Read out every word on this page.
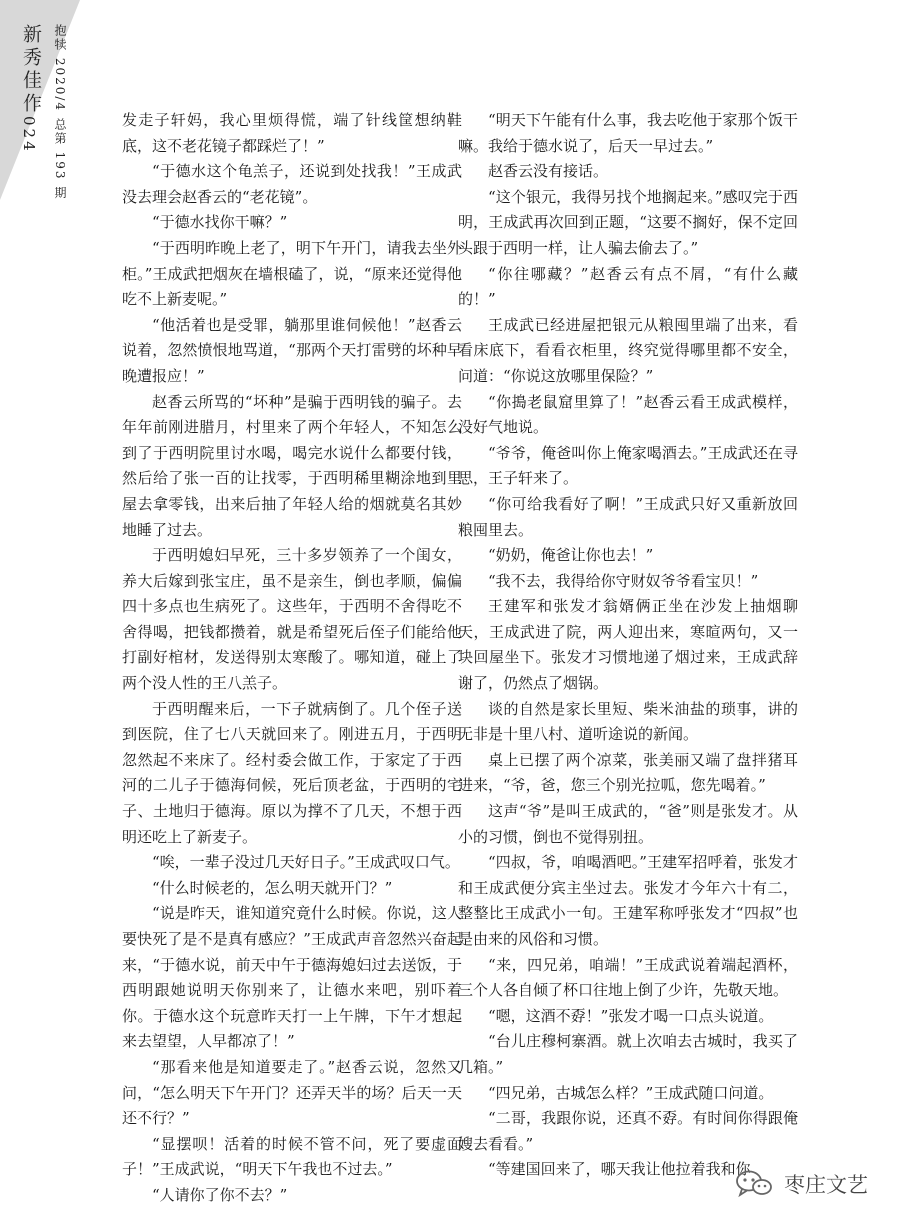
新秀佳作
024 抱犊 2020/4 总第 193 期	发走子轩妈，我心里烦得慌，端了针线筐想纳鞋底，这不老花镜子都踩烂了！”

“于德水这个龟羔子，还说到处找我！”王成武没去理会赵香云的“老花镜”。

“于德水找你干嘛？”

“于西明昨晚上老了，明下午开门，请我去坐外柜。”王成武把烟灰在墙根磕了，说，“原来还觉得他吃不上新麦呢。”

“他活着也是受罪，躺那里谁伺候他！”赵香云说着，忽然愤恨地骂道，“那两个天打雷劈的坏种早晚遭报应！”

赵香云所骂的“坏种”是骗于西明钱的骗子。去年年前刚进腊月，村里来了两个年轻人，不知怎么到了于西明院里讨水喝，喝完水说什么都要付钱，然后给了张一百的让找零，于西明稀里糊涂地到里屋去拿零钱，出来后抽了年轻人给的烟就莫名其妙地睡了过去。

于西明媳妇早死，三十多岁领养了一个闺女，养大后嫁到张宝庄，虽不是亲生，倒也孝顺，偏偏四十多点也生病死了。这些年，于西明不舍得吃不舍得喝，把钱都攒着，就是希望死后侄子们能给他打副好棺材，发送得别太寒酸了。哪知道，碰上了两个没人性的王八羔子。

于西明醒来后，一下子就病倒了。几个侄子送到医院，住了七八天就回来了。刚进五月，于西明忽然起不来床了。经村委会做工作，于家定了于西河的二儿子于德海伺候，死后顶老盆，于西明的宅子、土地归于德海。原以为撑不了几天，不想于西明还吃上了新麦子。

“唉，一辈子没过几天好日子。”王成武叹口气。

“什么时候老的，怎么明天就开门？”

“说是昨天，谁知道究竟什么时候。你说，这人要快死了是不是真有感应？”王成武声音忽然兴奋起来，“于德水说，前天中午于德海媳妇过去送饭，于西明跟她说明天你别来了，让德水来吧，别吓着你。于德水这个玩意昨天打一上午牌，下午才想起来去望望，人早都凉了！”

“那看来他是知道要走了。”赵香云说，忽然又问，“怎么明天下午开门？还弄天半的场？后天一天还不行？”

“显摆呗！活着的时候不管不问，死了要虚面子！”王成武说，“明天下午我也不过去。”

“人请你了你不去？”

“明天下午能有什么事，我去吃他于家那个饭干嘛。我给于德水说了，后天一早过去。”

赵香云没有接话。

“这个银元，我得另找个地搁起来。”感叹完于西明，王成武再次回到正题，“这要不搁好，保不定回头跟于西明一样，让人骗去偷去了。”

“你往哪藏？”赵香云有点不屑，“有什么藏的！”

王成武已经进屋把银元从粮囤里端了出来，看看床底下，看看衣柜里，终究觉得哪里都不安全，问道：“你说这放哪里保险？”

“你搗老鼠窟里算了！”赵香云看王成武模样，没好气地说。

“爷爷，俺爸叫你上俺家喝酒去。”王成武还在寻思，王子轩来了。

“你可给我看好了啊！”王成武只好又重新放回粮囤里去。

“奶奶，俺爸让你也去！”

“我不去，我得给你守财奴爷爷看宝贝！”

王建军和张发才翁婿俩正坐在沙发上抽烟聊天，王成武进了院，两人迎出来，寒暄两句，又一块回屋坐下。张发才习惯地递了烟过来，王成武辞谢了，仍然点了烟锅。

谈的自然是家长里短、柴米油盐的琐事，讲的无非是十里八村、道听途说的新闻。

桌上已摆了两个凉菜，张美丽又端了盘拌猪耳进来，“爷，爸，您三个别光拉呱，您先喝着。”

这声“爷”是叫王成武的，“爸”则是张发才。从小的习惯，倒也不觉得别扭。

“四叔，爷，咱喝酒吧。”王建军招呼着，张发才和王成武便分宾主坐过去。张发才今年六十有二，整整比王成武小一旬。王建军称呼张发才“四叔”也是由来的风俗和习惯。

“来，四兄弟，咱端！”王成武说着端起酒杯，三个人各自倾了杯口往地上倒了少许，先敬天地。

“嗯，这酒不孬！”张发才喝一口点头说道。

“台儿庄穆柯寨酒。就上次咱去古城时，我买了几箱。”

“四兄弟，古城怎么样？”王成武随口问道。

“二哥，我跟你说，还真不孬。有时间你得跟俺嫂去看看。”

“等建国回来了，哪天我让他拉着我和你

枣庄文艺
